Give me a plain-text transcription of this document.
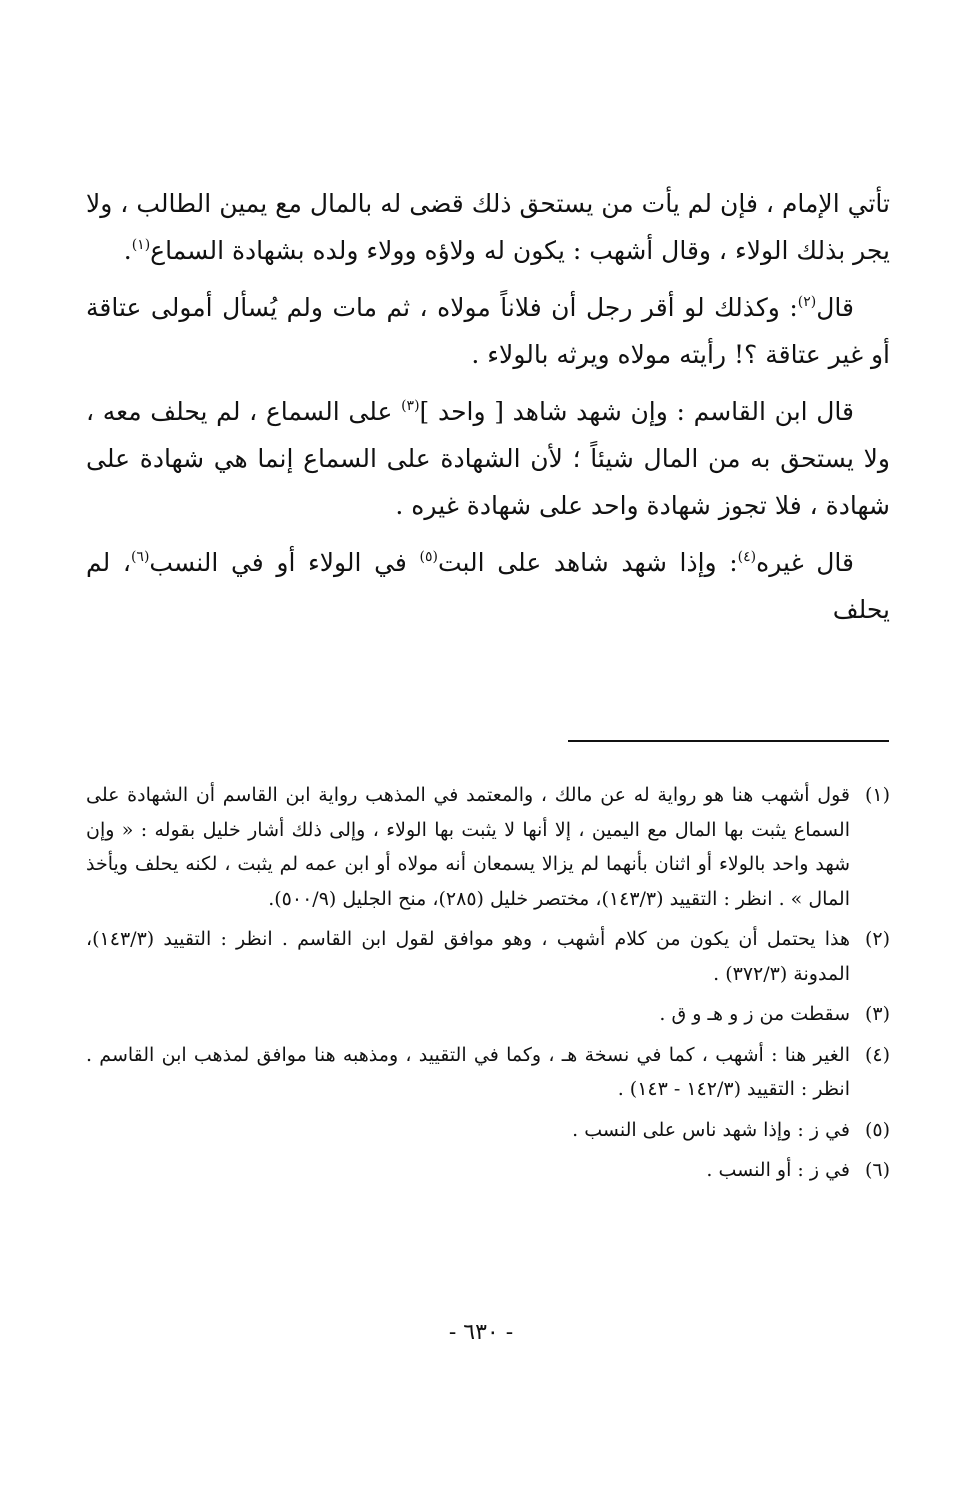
تأتي الإمام ، فإن لم يأت من يستحق ذلك قضى له بالمال مع يمين الطالب ، ولا يجر بذلك الولاء ، وقال أشهب : يكون له ولاؤه وولاء ولده بشهادة السماع$^{(١)}$.

قال$^{(٢)}$: وكذلك لو أقر رجل أن فلاناً مولاه ، ثم مات ولم يُسأل أمولى عتاقة أو غير عتاقة ؟! رأيته مولاه ويرثه بالولاء .

قال ابن القاسم : وإن شهد شاهد [ واحد ]$^{(٣)}$ على السماع ، لم يحلف معه ، ولا يستحق به من المال شيئاً ؛ لأن الشهادة على السماع إنما هي شهادة على شهادة ، فلا تجوز شهادة واحد على شهادة غيره .

قال غيره$^{(٤)}$: وإذا شهد شاهد على البت$^{(٥)}$ في الولاء أو في النسب$^{(٦)}$، لم يحلف

(١)
قول أشهب هنا هو رواية له عن مالك ، والمعتمد في المذهب رواية ابن القاسم أن الشهادة على السماع يثبت بها المال مع اليمين ، إلا أنها لا يثبت بها الولاء ، وإلى ذلك أشار خليل بقوله : « وإن شهد واحد بالولاء أو اثنان بأنهما لم يزالا يسمعان أنه مولاه أو ابن عمه لم يثبت ، لكنه يحلف ويأخذ المال » . انظر : التقييد (١٤٣/٣)، مختصر خليل (٢٨٥)، منح الجليل (٥٠٠/٩).
(٢)
هذا يحتمل أن يكون من كلام أشهب ، وهو موافق لقول ابن القاسم . انظر : التقييد (١٤٣/٣)، المدونة (٣٧٢/٣) .
(٣)
سقطت من ز و هـ و ق .
(٤)
الغير هنا : أشهب ، كما في نسخة هـ ، وكما في التقييد ، ومذهبه هنا موافق لمذهب ابن القاسم . انظر : التقييد (١٤٢/٣ - ١٤٣) .
(٥)
في ز : وإذا شهد ناس على النسب .
(٦)
في ز : أو النسب .
- ٦٣٠ -
